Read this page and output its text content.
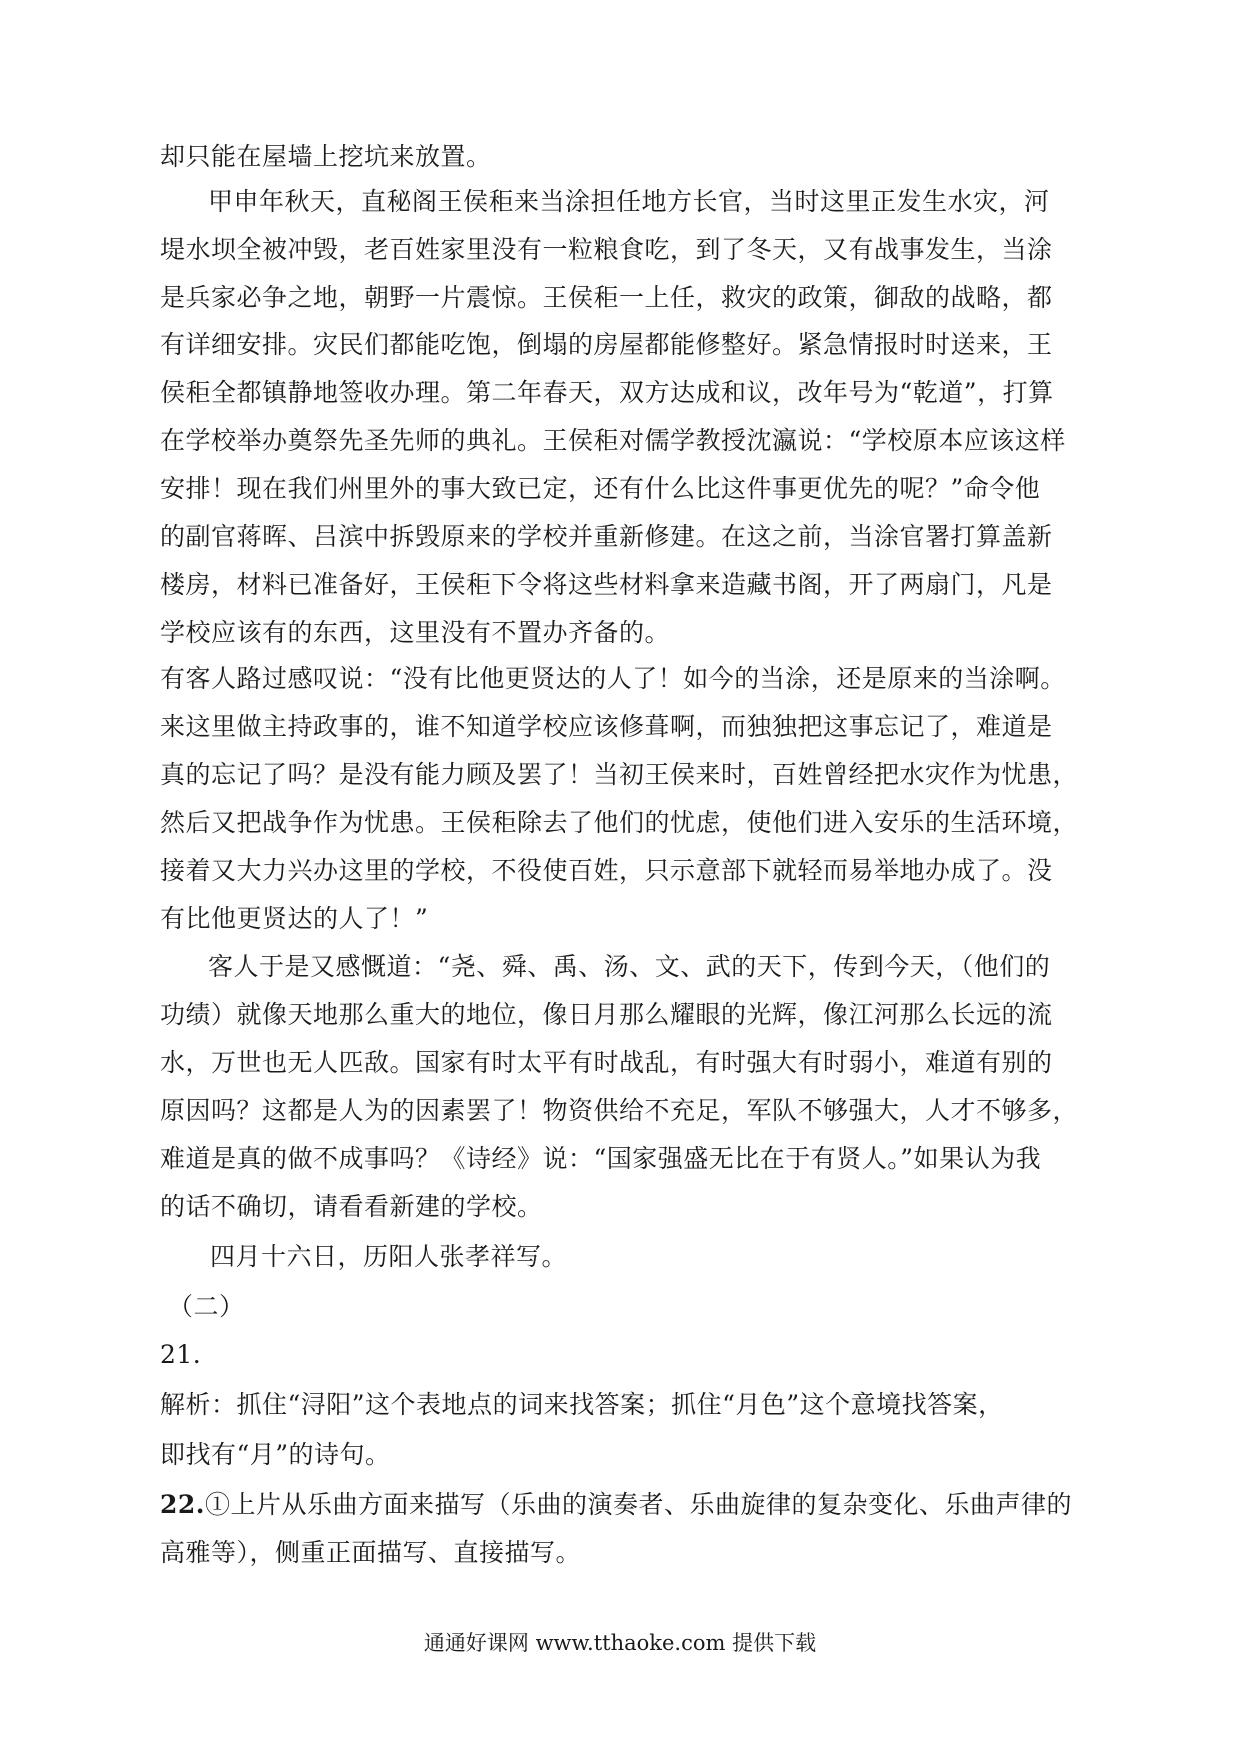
却只能在屋墙上挖坑来放置。
甲申年秋天，直秘阁王侯秬来当涂担任地方长官，当时这里正发生水灾，河
堤水坝全被冲毁，老百姓家里没有一粒粮食吃，到了冬天，又有战事发生，当涂
是兵家必争之地，朝野一片震惊。王侯秬一上任，救灾的政策，御敌的战略，都
有详细安排。灾民们都能吃饱，倒塌的房屋都能修整好。紧急情报时时送来，王
侯秬全都镇静地签收办理。第二年春天，双方达成和议，改年号为“乾道”，打算
在学校举办奠祭先圣先师的典礼。王侯秬对儒学教授沈瀛说：“学校原本应该这样
安排！现在我们州里外的事大致已定，还有什么比这件事更优先的呢？”命令他
的副官蒋晖、吕滨中拆毁原来的学校并重新修建。在这之前，当涂官署打算盖新
楼房，材料已准备好，王侯秬下令将这些材料拿来造藏书阁，开了两扇门，凡是
学校应该有的东西，这里没有不置办齐备的。
有客人路过感叹说：“没有比他更贤达的人了！如今的当涂，还是原来的当涂啊。
来这里做主持政事的，谁不知道学校应该修葺啊，而独独把这事忘记了，难道是
真的忘记了吗？是没有能力顾及罢了！当初王侯来时，百姓曾经把水灾作为忧患，
然后又把战争作为忧患。王侯秬除去了他们的忧虑，使他们进入安乐的生活环境，
接着又大力兴办这里的学校，不役使百姓，只示意部下就轻而易举地办成了。没
有比他更贤达的人了！”
客人于是又感慨道：“尧、舜、禹、汤、文、武的天下，传到今天，（他们的
功绩）就像天地那么重大的地位，像日月那么耀眼的光辉，像江河那么长远的流
水，万世也无人匹敌。国家有时太平有时战乱，有时强大有时弱小，难道有别的
原因吗？这都是人为的因素罢了！物资供给不充足，军队不够强大，人才不够多，
难道是真的做不成事吗？《诗经》说：“国家强盛无比在于有贤人。”如果认为我
的话不确切，请看看新建的学校。
四月十六日，历阳人张孝祥写。
（二）
21.
解析：抓住“浔阳”这个表地点的词来找答案；抓住“月色”这个意境找答案，
即找有“月”的诗句。
22.①上片从乐曲方面来描写（乐曲的演奏者、乐曲旋律的复杂变化、乐曲声律的
高雅等），侧重正面描写、直接描写。
通通好课网 www.tthaoke.com 提供下载
